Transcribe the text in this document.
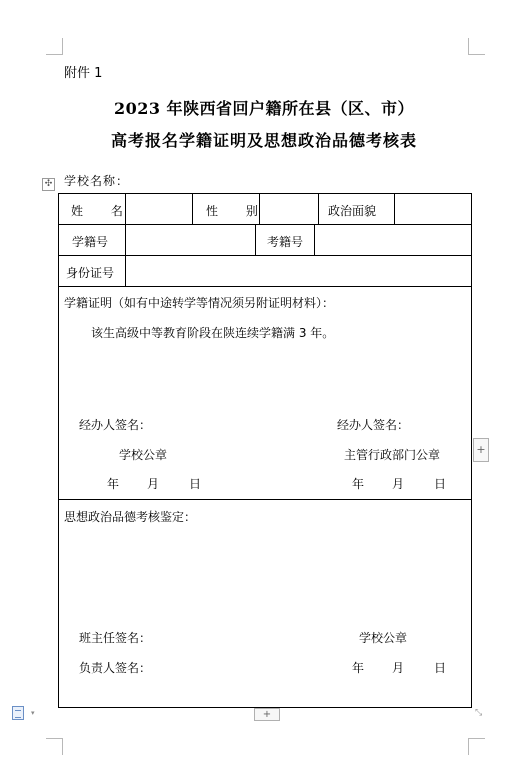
附件 1
2023 年陕西省回户籍所在县（区、市）
高考报名学籍证明及思想政治品德考核表
✣ 学校名称：
姓 名	性 别	政治面貌
学籍号	考籍号
身份证号
学籍证明（如有中途转学等情况须另附证明材料）：
该生高级中等教育阶段在陕连续学籍满 3 年。
经办人签名：	经办人签名：
学校公章	主管行政部门公章
年 月 日	年 月 日
思想政治品德考核鉴定：
班主任签名：	学校公章
负责人签名：	年 月 日
+
+	⤡
▾
